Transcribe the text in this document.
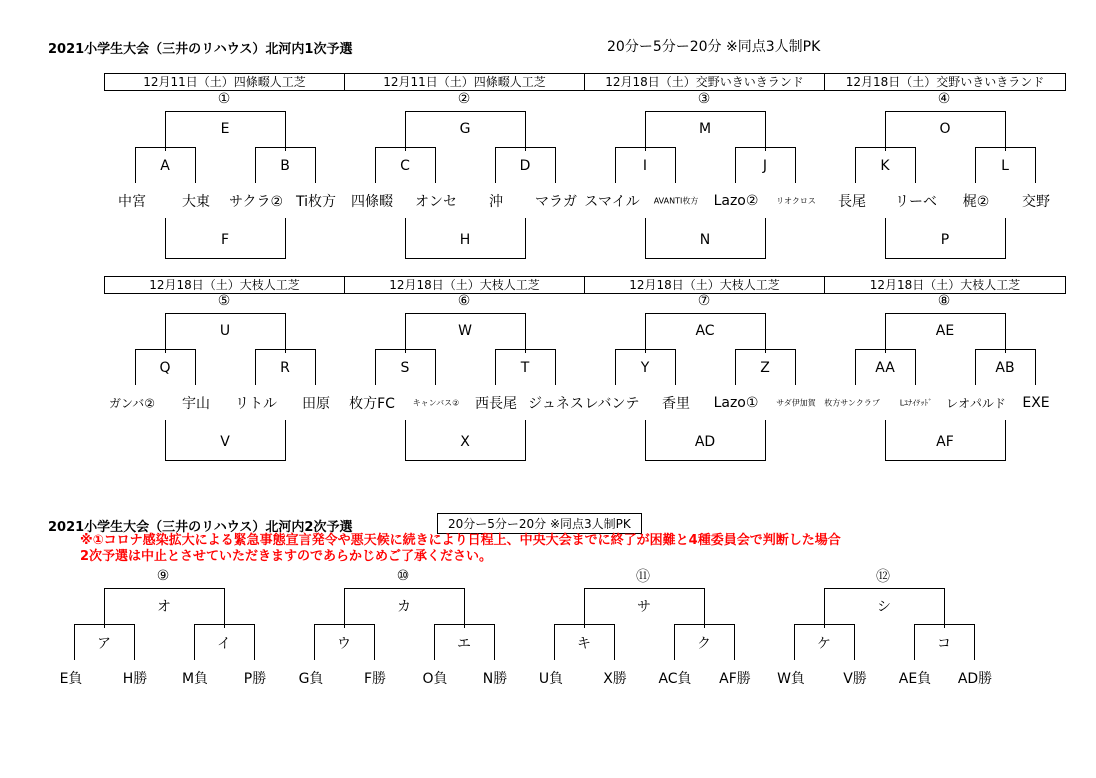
2021小学生大会（三井のリハウス）北河内1次予選	20分ー5分ー20分 ※同点3人制PK
12月11日（土）四條畷人工芝	12月11日（土）四條畷人工芝	12月18日（土）交野いきいきランド	12月18日（土）交野いきいきランド
12月18日（土）大枝人工芝	12月18日（土）大枝人工芝	12月18日（土）大枝人工芝	12月18日（土）大枝人工芝
2021小学生大会（三井のリハウス）北河内2次予選	20分ー5分ー20分 ※同点3人制PK
※①コロナ感染拡大による緊急事態宣言発令や悪天候に続きにより日程上、中央大会までに終了が困難と4種委員会で判断した場合
2次予選は中止とさせていただきますのであらかじめご了承ください。
①
E
A	B
中宮	大東 サクラ② Ti枚方
F
②
G
C	D
四條畷 オンセ 沖 マラガ
H
③
M
I	J
スマイル AVANTI枚方 Lazo② リオクロス
N
④
O
K	L
長尾 リーベ 梶② 交野
P
⑤
U
Q	R
ガンバ② 宇山 リトル 田原
V
⑥
W
S	T
枚方FC キャンバス② 西長尾 ジュネス
X
⑦
AC
Y	Z
レバンテ 香里 Lazo① サダ伊加賀
AD
⑧
AE
AA	AB
枚方サンクラブ	Lﾕﾅｲﾃｯﾄﾞ レオパルド EXE
AF
⑨
オ
ア	イ
E負	H勝 M負	P勝
⑩
カ
ウ	エ
G負	F勝	O負	N勝
⑪
サ
キ	ク
U負	X勝 AC負 AF勝
⑫
シ
ケ	コ
W負	V勝 AE負 AD勝
